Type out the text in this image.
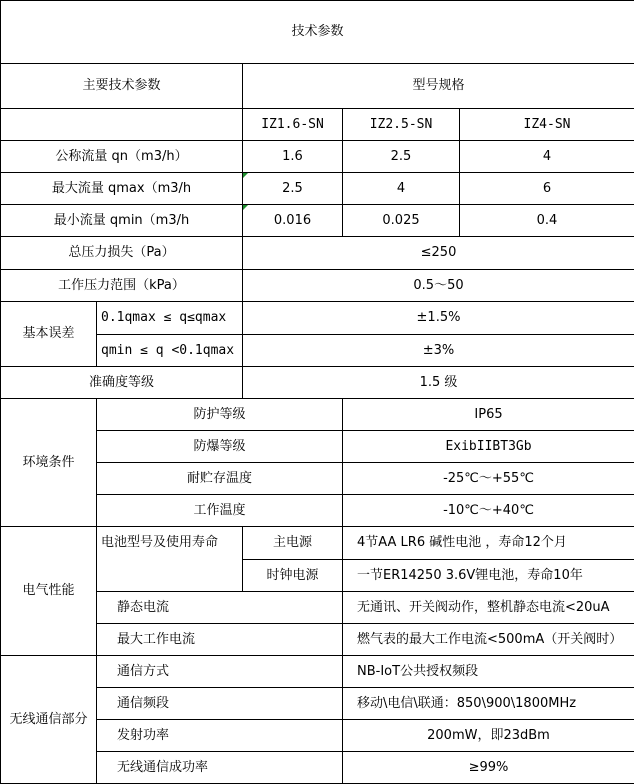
技术参数				
主要技术参数		型号规格		
		IZ1.6-SN	IZ2.5-SN	IZ4-SN
公称流量 qn（m3/h）		1.6	2.5	4
最大流量 qmax（m3/h		2.5	4	6
最小流量 qmin（m3/h		0.016	0.025	0.4
总压力损失（Pa）		≤250		
工作压力范围（kPa）		0.5～50		
基本误差	0.1qmax ≤ q≤qmax	±1.5%		
	qmin ≤ q <0.1qmax	±3%		
准确度等级		1.5 级		
环境条件	防护等级		IP65	
	防爆等级		ExibIIBT3Gb	
	耐贮存温度		-25℃～+55℃	
	工作温度		-10℃～+40℃	
电气性能	电池型号及使用寿命	主电源	4节AA LR6 碱性电池 ，寿命12个月	
		时钟电源	一节ER14250 3.6V锂电池，寿命10年	
	静态电流		无通讯、开关阀动作，整机静态电流<20uA	
	最大工作电流		燃气表的最大工作电流<500mA（开关阀时）	
无线通信部分	通信方式		NB-IoT公共授权频段	
	通信频段		移动\电信\联通：850\900\1800MHz	
	发射功率		200mW，即23dBm	
	无线通信成功率		≥99%	
